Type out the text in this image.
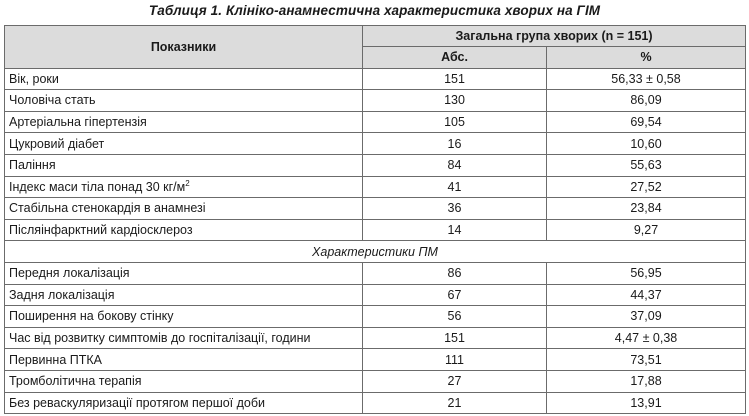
Таблиця 1. Клініко-анамнестична характеристика хворих на ГІМ
Показники	Загальна група хворих (n = 151)	
	Абс.	%
Вік, роки	151	56,33 ± 0,58
Чоловіча стать	130	86,09
Артеріальна гіпертензія	105	69,54
Цукровий діабет	16	10,60
Паління	84	55,63
Індекс маси тіла понад 30 $кг/м^2$	41	27,52
Стабільна стенокардія в анамнезі	36	23,84
Післяінфарктний кардіосклероз	14	9,27
Характеристики ПМ		
Передня локалізація	86	56,95
Задня локалізація	67	44,37
Поширення на бокову стінку	56	37,09
Час від розвитку симптомів до госпіталізації, години	151	4,47 ± 0,38
Первинна ПТКА	111	73,51
Тромболітична терапія	27	17,88
Без реваскуляризації протягом першої доби	21	13,91
